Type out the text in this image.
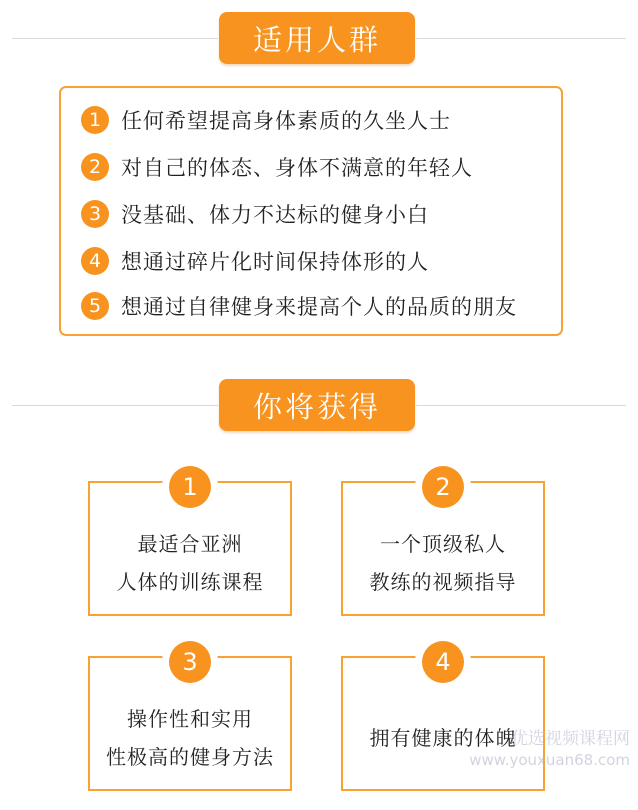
适用人群
1 任何希望提高身体素质的久坐人士
2 对自己的体态、身体不满意的年轻人
3 没基础、体力不达标的健身小白
4 想通过碎片化时间保持体形的人
5 想通过自律健身来提高个人的品质的朋友
你将获得
1
最适合亚洲
人体的训练课程
2
一个顶级私人
教练的视频指导
3
操作性和实用
性极高的健身方法
4
拥有健康的体魄
优选视频课程网
www.youxuan68.com
